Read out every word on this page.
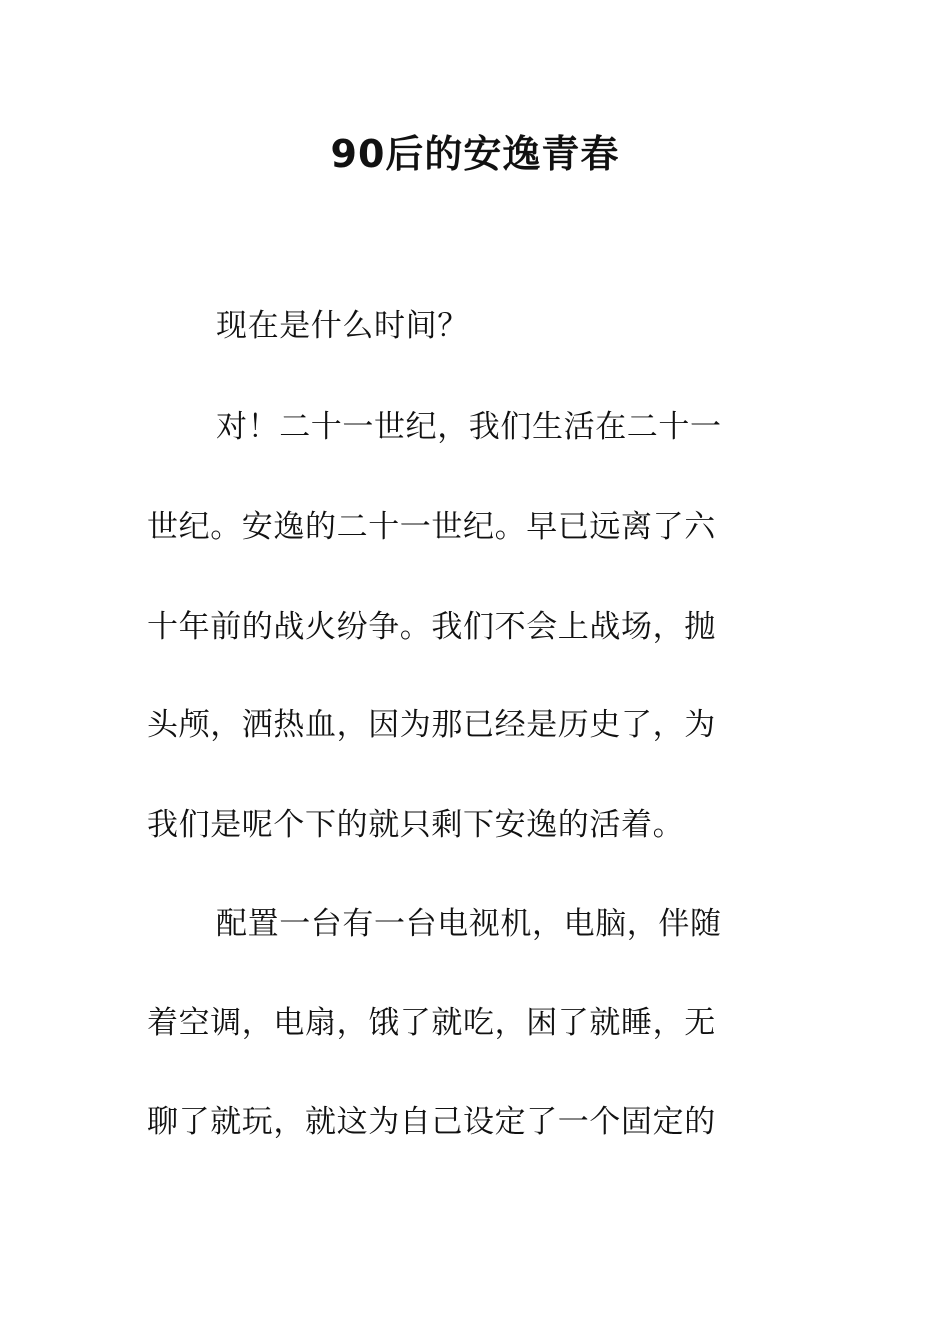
90后的安逸青春
现在是什么时间？
对！二十一世纪，我们生活在二十一
世纪。安逸的二十一世纪。早已远离了六
十年前的战火纷争。我们不会上战场，抛
头颅，洒热血，因为那已经是历史了，为
我们是呢个下的就只剩下安逸的活着。
配置一台有一台电视机，电脑，伴随
着空调，电扇，饿了就吃，困了就睡，无
聊了就玩，就这为自己设定了一个固定的
